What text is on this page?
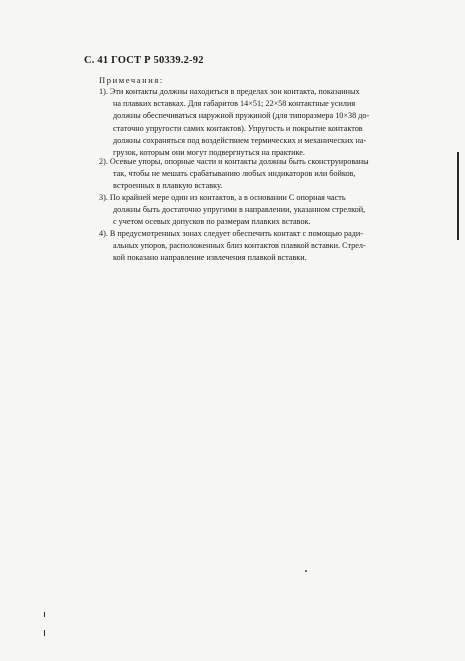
С. 41 ГОСТ Р 50339.2-92
Примечания:
1). Эти контакты должны находиться в пределах зон контакта, показанных
на плавких вставках. Для габаритов 14×51; 22×58 контактные усилия
должны обеспечиваться наружной пружиной (для типоразмера 10×38 до-
статочно упругости самих контактов). Упругость и покрытие контактов
должны сохраняться под воздействием термических и механических на-
грузок, которым они могут подвергнуться на практике.
2). Осевые упоры, опорные части и контакты должны быть сконструированы
так, чтобы не мешать срабатыванию любых индикаторов или бойков,
встроенных в плавкую вставку.
3). По крайней мере один из контактов, а в основании С опорная часть
должны быть достаточно упругими в направлении, указанном стрелкой,
с учетом осевых допусков по размерам плавких вставок.
4). В предусмотренных зонах следует обеспечить контакт с помощью ради-
альных упоров, расположенных близ контактов плавкой вставки. Стрел-
кой показано направление извлечения плавкой вставки.
